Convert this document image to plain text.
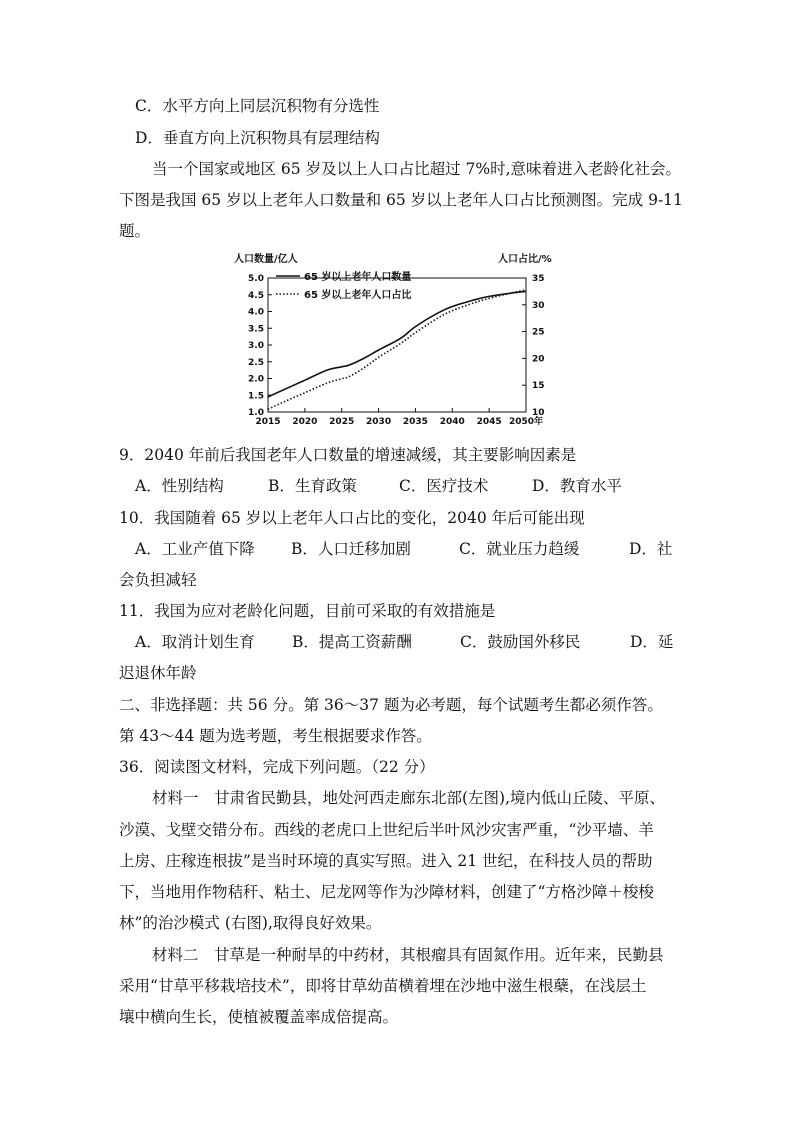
C．水平方向上同层沉积物有分选性
D．垂直方向上沉积物具有层理结构
当一个国家或地区 65 岁及以上人口占比超过 7%时,意味着进入老龄化社会。
下图是我国 65 岁以上老年人口数量和 65 岁以上老年人口占比预测图。完成 9-11
题。
人口数量/亿人	人口占比/%
2015 2020 2025 2030 2035 2040 2045 2050年
1.0
1.5
2.0
2.5
3.0
3.5
4.0
4.5
5.0
10
15
20
25
30
35
65 岁以上老年人口数量
65 岁以上老年人口占比
9．2040 年前后我国老年人口数量的增速减缓，其主要影响因素是
A．性别结构	B．生育政策	C．医疗技术	D．教育水平
10．我国随着 65 岁以上老年人口占比的变化，2040 年后可能出现
A．工业产值下降 B．人口迁移加剧	C．就业压力趋缓	D．社
会负担减轻
11．我国为应对老龄化问题，目前可采取的有效措施是
A．取消计划生育 B．提高工资薪酬	C．鼓励国外移民	D．延
迟退休年龄
二、非选择题：共 56 分。第 36～37 题为必考题，每个试题考生都必须作答。
第 43～44 题为选考题，考生根据要求作答。
36．阅读图文材料，完成下列问题。（22 分）
材料一　甘肃省民勤县，地处河西走廊东北部(左图),境内低山丘陵、平原、
沙漠、戈壁交错分布。西线的老虎口上世纪后半叶风沙灾害严重，“沙平墙、羊
上房、庄稼连根拔”是当时环境的真实写照。进入 21 世纪，在科技人员的帮助
下，当地用作物秸秆、粘土、尼龙网等作为沙障材料，创建了“方格沙障＋梭梭
林”的治沙模式 (右图),取得良好效果。
材料二　甘草是一种耐旱的中药材，其根瘤具有固氮作用。近年来，民勤县
采用“甘草平移栽培技术”，即将甘草幼苗横着埋在沙地中滋生根蘖，在浅层土
壤中横向生长，使植被覆盖率成倍提高。
